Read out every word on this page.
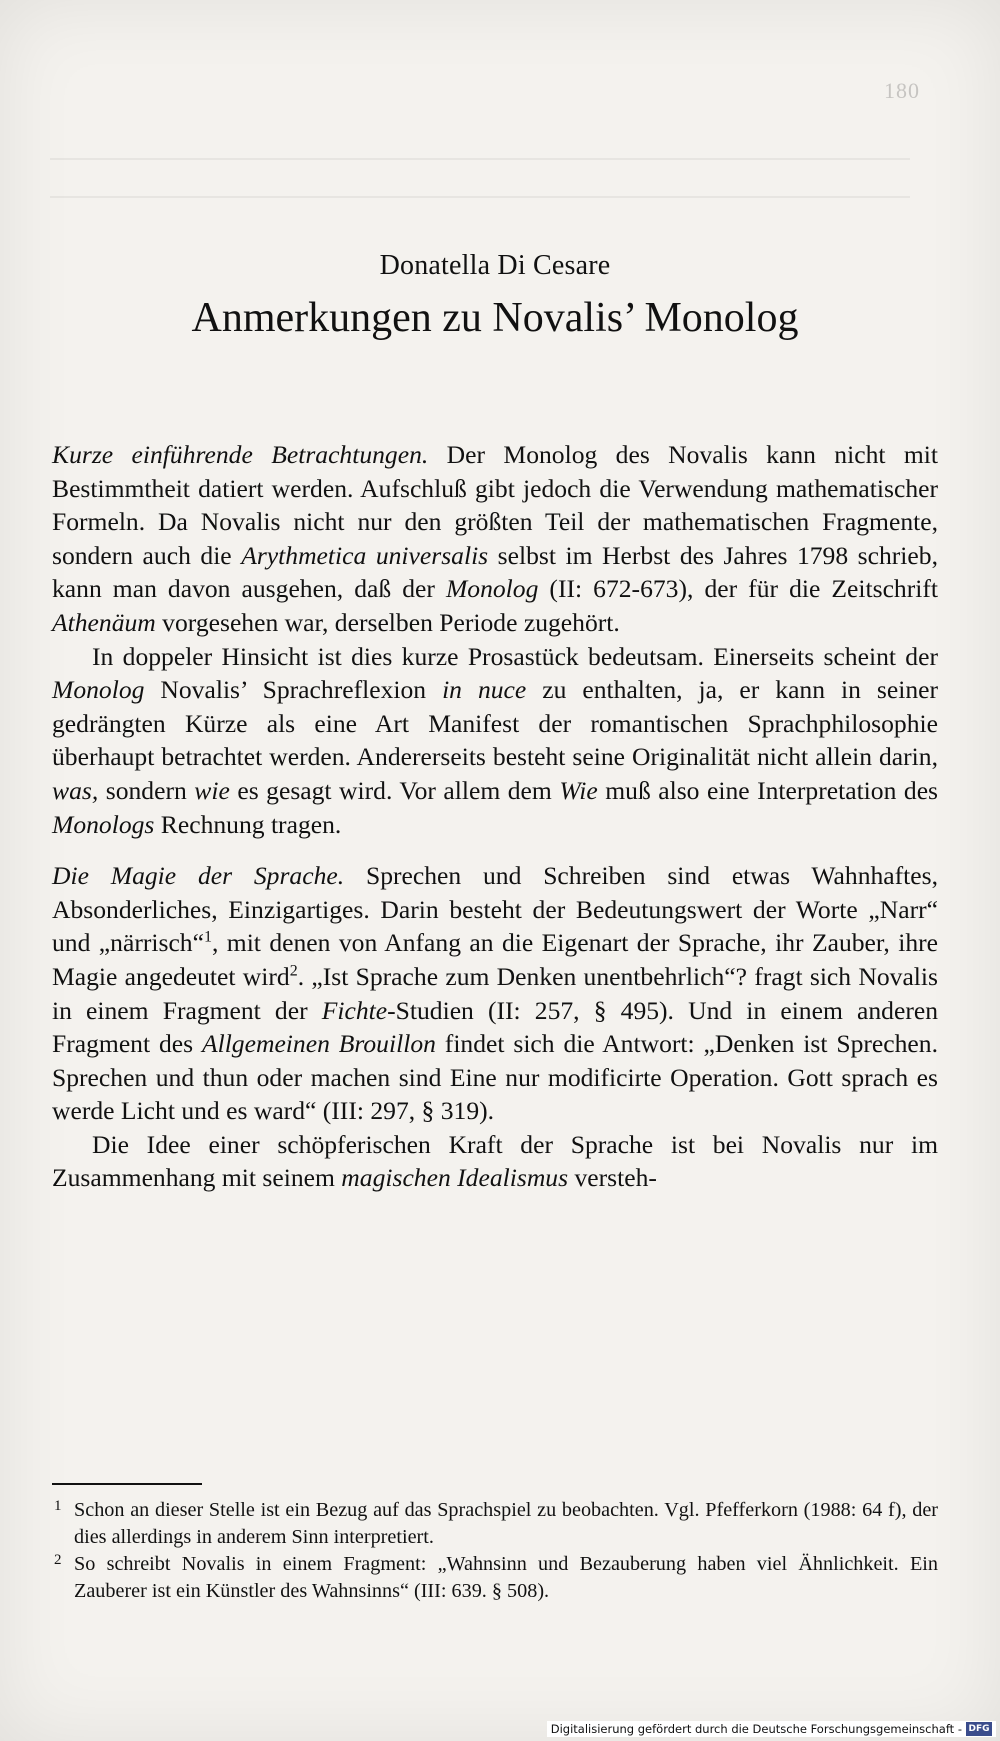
180
Donatella Di Cesare
Anmerkungen zu Novalis’ Monolog

Kurze einführende Betrachtungen. Der Monolog des Novalis kann nicht mit Bestimmtheit datiert werden. Aufschluß gibt jedoch die Verwendung mathematischer Formeln. Da Novalis nicht nur den größten Teil der mathematischen Fragmente, sondern auch die Arythmetica universalis selbst im Herbst des Jahres 1798 schrieb, kann man davon ausgehen, daß der Monolog (II: 672-673), der für die Zeitschrift Athenäum vorgesehen war, derselben Periode zugehört.

In doppeler Hinsicht ist dies kurze Prosastück bedeutsam. Einerseits scheint der Monolog Novalis’ Sprachreflexion in nuce zu enthalten, ja, er kann in seiner gedrängten Kürze als eine Art Manifest der romantischen Sprachphilosophie überhaupt betrachtet werden. Andererseits besteht seine Originalität nicht allein darin, was, sondern wie es gesagt wird. Vor allem dem Wie muß also eine Interpretation des Monologs Rechnung tragen.

Die Magie der Sprache. Sprechen und Schreiben sind etwas Wahnhaftes, Absonderliches, Einzigartiges. Darin besteht der Bedeutungswert der Worte „Narr“ und „närrisch“$^1$, mit denen von Anfang an die Eigenart der Sprache, ihr Zauber, ihre Magie angedeutet wird$^2$. „Ist Sprache zum Denken unentbehrlich“? fragt sich Novalis in einem Fragment der Fichte-Studien (II: 257, § 495). Und in einem anderen Fragment des Allgemeinen Brouillon findet sich die Antwort: „Denken ist Sprechen. Sprechen und thun oder machen sind Eine nur modificirte Operation. Gott sprach es werde Licht und es ward“ (III: 297, § 319).

Die Idee einer schöpferischen Kraft der Sprache ist bei Novalis nur im Zusammenhang mit seinem magischen Idealismus versteh-

1 Schon an dieser Stelle ist ein Bezug auf das Sprachspiel zu beobachten. Vgl. Pfefferkorn (1988: 64 f), der dies allerdings in anderem Sinn interpretiert.

2 So schreibt Novalis in einem Fragment: „Wahnsinn und Bezauberung haben viel Ähnlichkeit. Ein Zauberer ist ein Künstler des Wahnsinns“ (III: 639. § 508).

Digitalisierung gefördert durch die Deutsche Forschungsgemeinschaft - DFG
